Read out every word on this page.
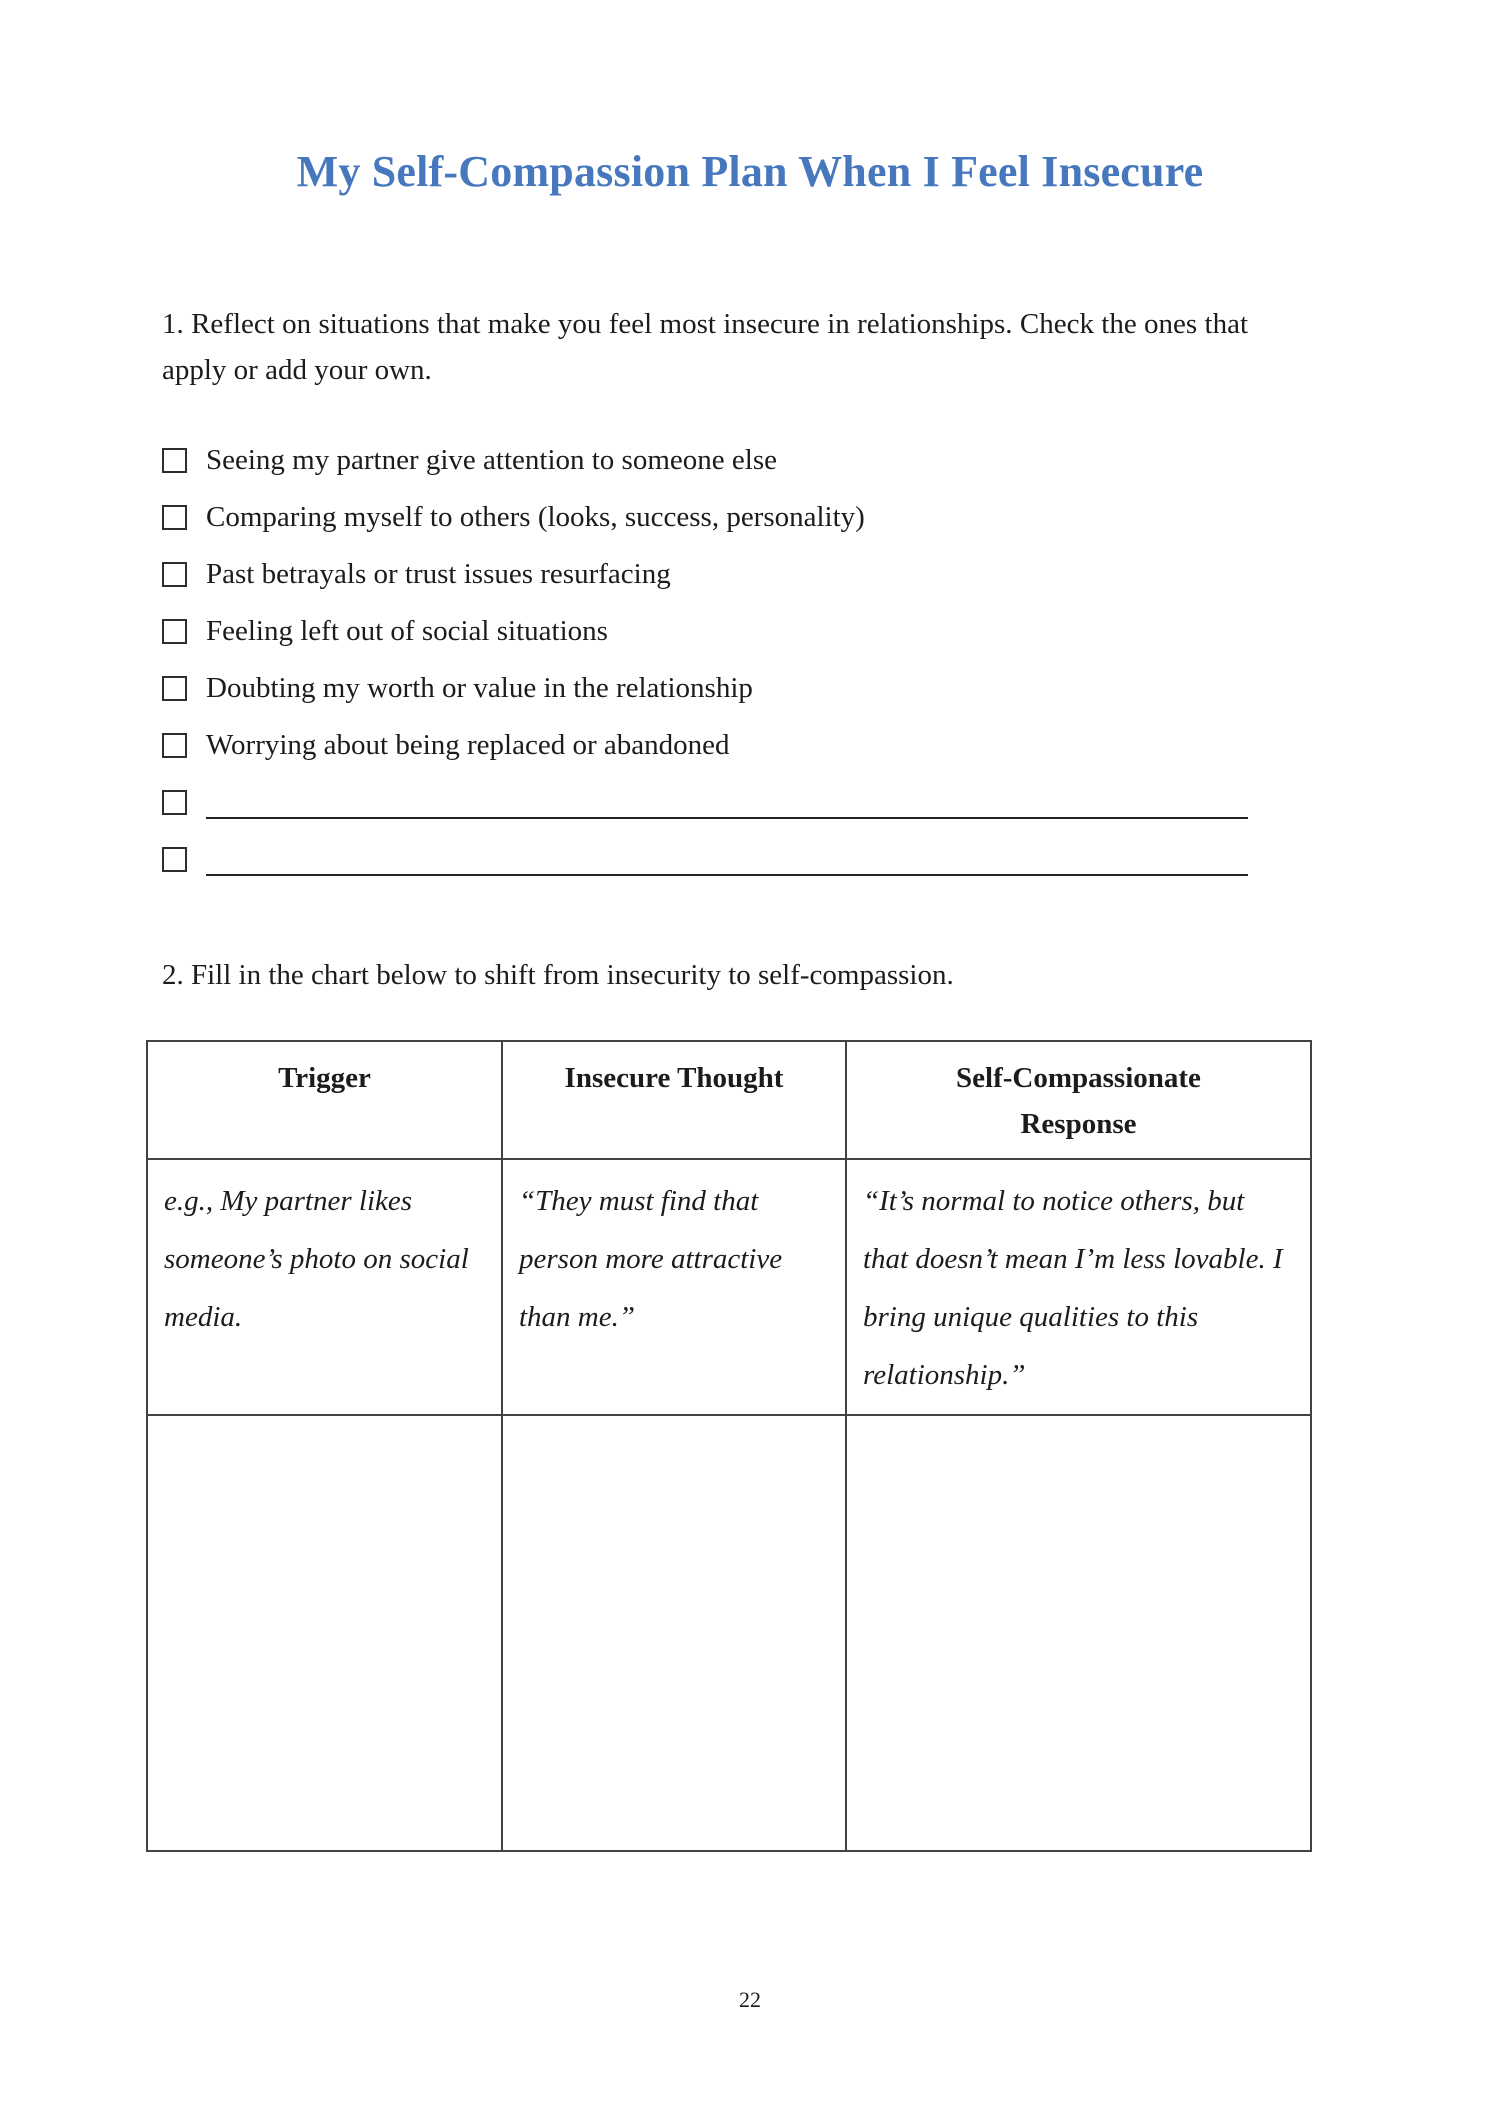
My Self-Compassion Plan When I Feel Insecure

1. Reflect on situations that make you feel most insecure in relationships. Check the ones that apply or add your own.

Seeing my partner give attention to someone else
Comparing myself to others (looks, success, personality)
Past betrayals or trust issues resurfacing
Feeling left out of social situations
Doubting my worth or value in the relationship
Worrying about being replaced or abandoned

2. Fill in the chart below to shift from insecurity to self-compassion.

Trigger	Insecure Thought	Self-Compassionate Response
e.g., My partner likes someone’s photo on social media.	“They must find that person more attractive than me.”	“It’s normal to notice others, but that doesn’t mean I’m less lovable. I bring unique qualities to this relationship.”

22
